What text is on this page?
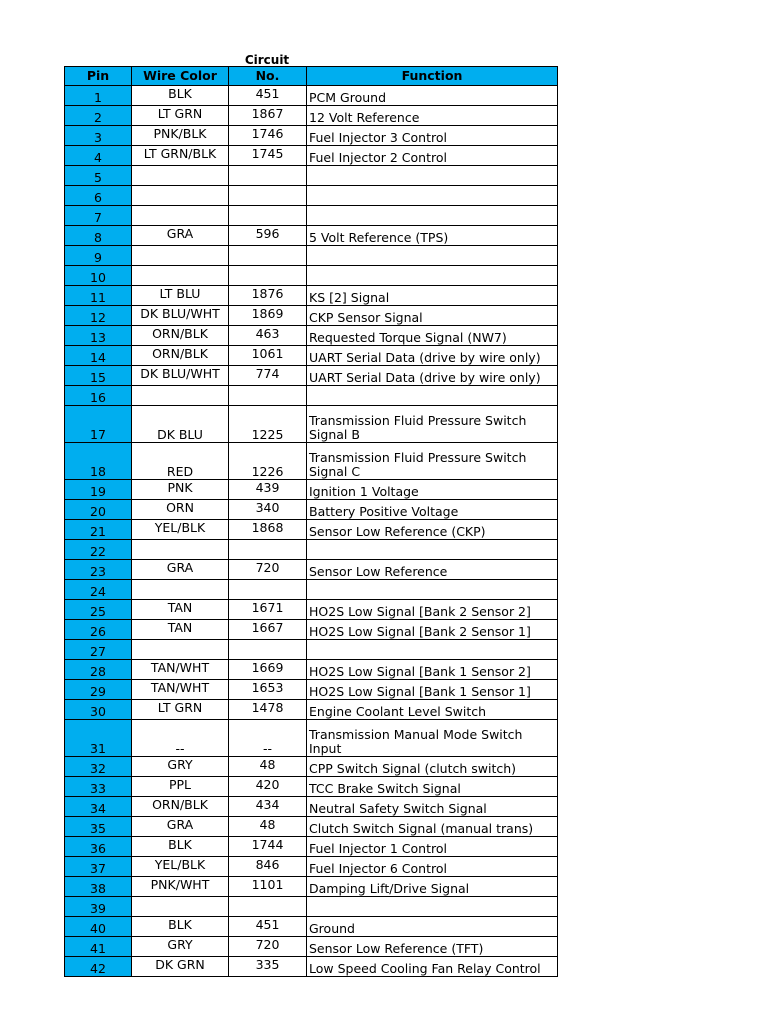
Circuit
Pin	Wire Color	No.	Function
1	BLK	451	PCM Ground
2	LT GRN	1867	12 Volt Reference
3	PNK/BLK	1746	Fuel Injector 3 Control
4	LT GRN/BLK	1745	Fuel Injector 2 Control
5			
6			
7			
8	GRA	596	5 Volt Reference (TPS)
9			
10			
11	LT BLU	1876	KS [2] Signal
12	DK BLU/WHT	1869	CKP Sensor Signal
13	ORN/BLK	463	Requested Torque Signal (NW7)
14	ORN/BLK	1061	UART Serial Data (drive by wire only)
15	DK BLU/WHT	774	UART Serial Data (drive by wire only)
16			
17	DK BLU	1225	Transmission Fluid Pressure Switch Signal B
18	RED	1226	Transmission Fluid Pressure Switch Signal C
19	PNK	439	Ignition 1 Voltage
20	ORN	340	Battery Positive Voltage
21	YEL/BLK	1868	Sensor Low Reference (CKP)
22			
23	GRA	720	Sensor Low Reference
24			
25	TAN	1671	HO2S Low Signal [Bank 2 Sensor 2]
26	TAN	1667	HO2S Low Signal [Bank 2 Sensor 1]
27			
28	TAN/WHT	1669	HO2S Low Signal [Bank 1 Sensor 2]
29	TAN/WHT	1653	HO2S Low Signal [Bank 1 Sensor 1]
30	LT GRN	1478	Engine Coolant Level Switch
31	--	--	Transmission Manual Mode Switch Input
32	GRY	48	CPP Switch Signal (clutch switch)
33	PPL	420	TCC Brake Switch Signal
34	ORN/BLK	434	Neutral Safety Switch Signal
35	GRA	48	Clutch Switch Signal (manual trans)
36	BLK	1744	Fuel Injector 1 Control
37	YEL/BLK	846	Fuel Injector 6 Control
38	PNK/WHT	1101	Damping Lift/Drive Signal
39			
40	BLK	451	Ground
41	GRY	720	Sensor Low Reference (TFT)
42	DK GRN	335	Low Speed Cooling Fan Relay Control
